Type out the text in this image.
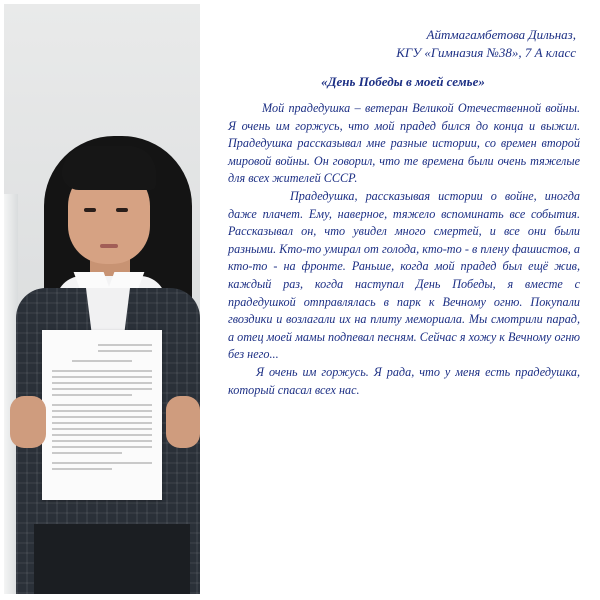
Айтмагамбетова Дильназ,
КГУ «Гимназия №38», 7 А класс
«День Победы в моей семье»

Мой прадедушка – ветеран Великой Отечественной войны. Я очень им горжусь, что мой прадед бился до конца и выжил. Прадедушка рассказывал мне разные истории, со времен второй мировой войны. Он говорил, что те времена были очень тяжелые для всех жителей СССР.

Прадедушка, рассказывая истории о войне, иногда даже плачет. Ему, наверное, тяжело вспоминать все события. Рассказывал он, что увидел много смертей, и все они были разными. Кто-то умирал от голода, кто-то - в плену фашистов, а кто-то - на фронте. Раньше, когда мой прадед был ещё жив, каждый раз, когда наступал День Победы, я вместе с прадедушкой отправлялась в парк к Вечному огню. Покупали гвоздики и возлагали их на плиту мемориала. Мы смотрили парад, а отец моей мамы подпевал песням. Сейчас я хожу к Вечному огню без него...

Я очень им горжусь. Я рада, что у меня есть прадедушка, который спасал всех нас.
